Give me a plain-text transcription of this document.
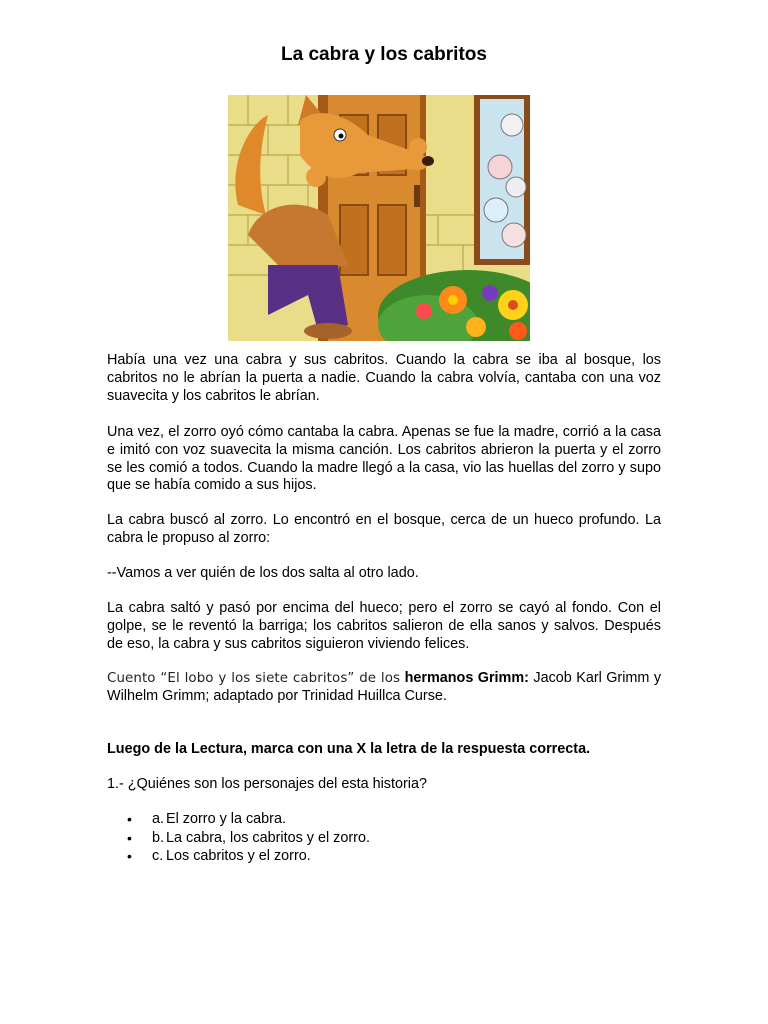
La cabra y los cabritos

Había una vez una cabra y sus cabritos. Cuando la cabra se iba al bosque, los cabritos no le abrían la puerta a nadie. Cuando la cabra volvía, cantaba con una voz suavecita y los cabritos le abrían.

Una vez, el zorro oyó cómo cantaba la cabra. Apenas se fue la madre, corrió a la casa e imitó con voz suavecita la misma canción. Los cabritos abrieron la puerta y el zorro se les comió a todos. Cuando la madre llegó a la casa, vio las huellas del zorro y supo que se había comido a sus hijos.

La cabra buscó al zorro. Lo encontró en el bosque, cerca de un hueco profundo. La cabra le propuso al zorro:

--Vamos a ver quién de los dos salta al otro lado.

La cabra saltó y pasó por encima del hueco; pero el zorro se cayó al fondo. Con el golpe, se le reventó la barriga; los cabritos salieron de ella sanos y salvos. Después de eso, la cabra y sus cabritos siguieron viviendo felices.

Cuento “El lobo y los siete cabritos” de los hermanos Grimm: Jacob Karl Grimm y Wilhelm Grimm; adaptado por Trinidad Huillca Curse.

Luego de la Lectura, marca con una X la letra de la respuesta correcta.

1.- ¿Quiénes son los personajes del esta historia?

• a. El zorro y la cabra.
• b. La cabra, los cabritos y el zorro.
• c. Los cabritos y el zorro.
